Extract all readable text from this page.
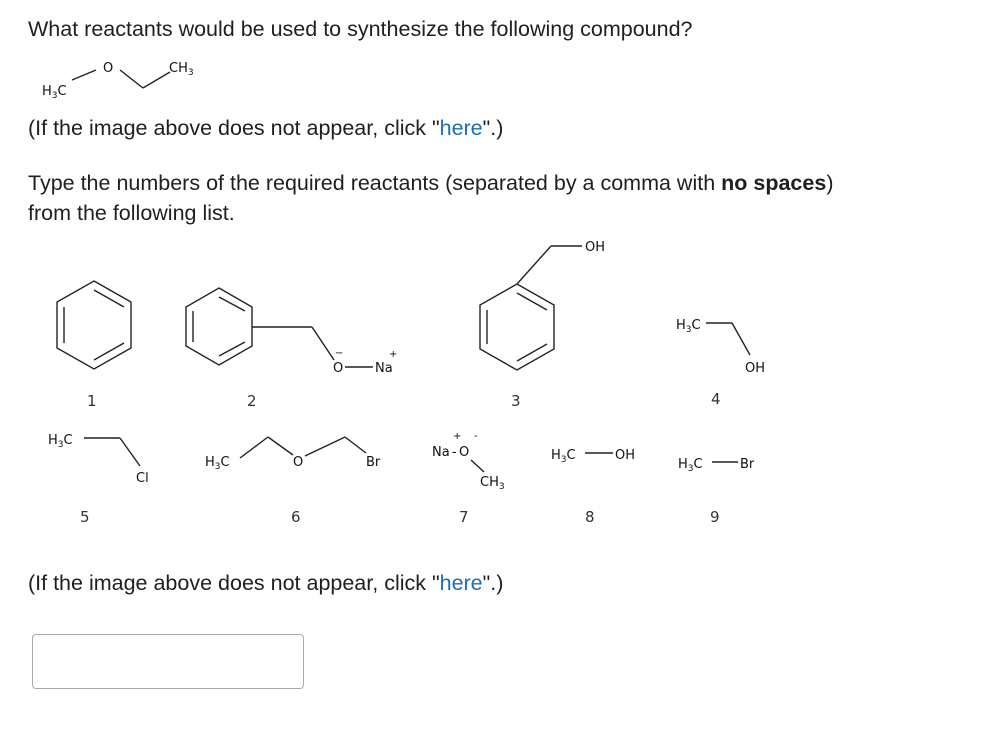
What reactants would be used to synthesize the following compound?
(If the image above does not appear, click "here".)
Type the numbers of the required reactants (separated by a comma with no spaces)
from the following list.
(If the image above does not appear, click "here".)
$H_3C$
O	$CH_3$
1
O
−
Na
+
2
OH
3
$H_3C$
OH
4
$H_3C$
Cl
5
$H_3C$	O	Br
6
+ -
Na - O
$CH_3$
7
$H_3C$	OH
8
$H_3C$	Br
9
